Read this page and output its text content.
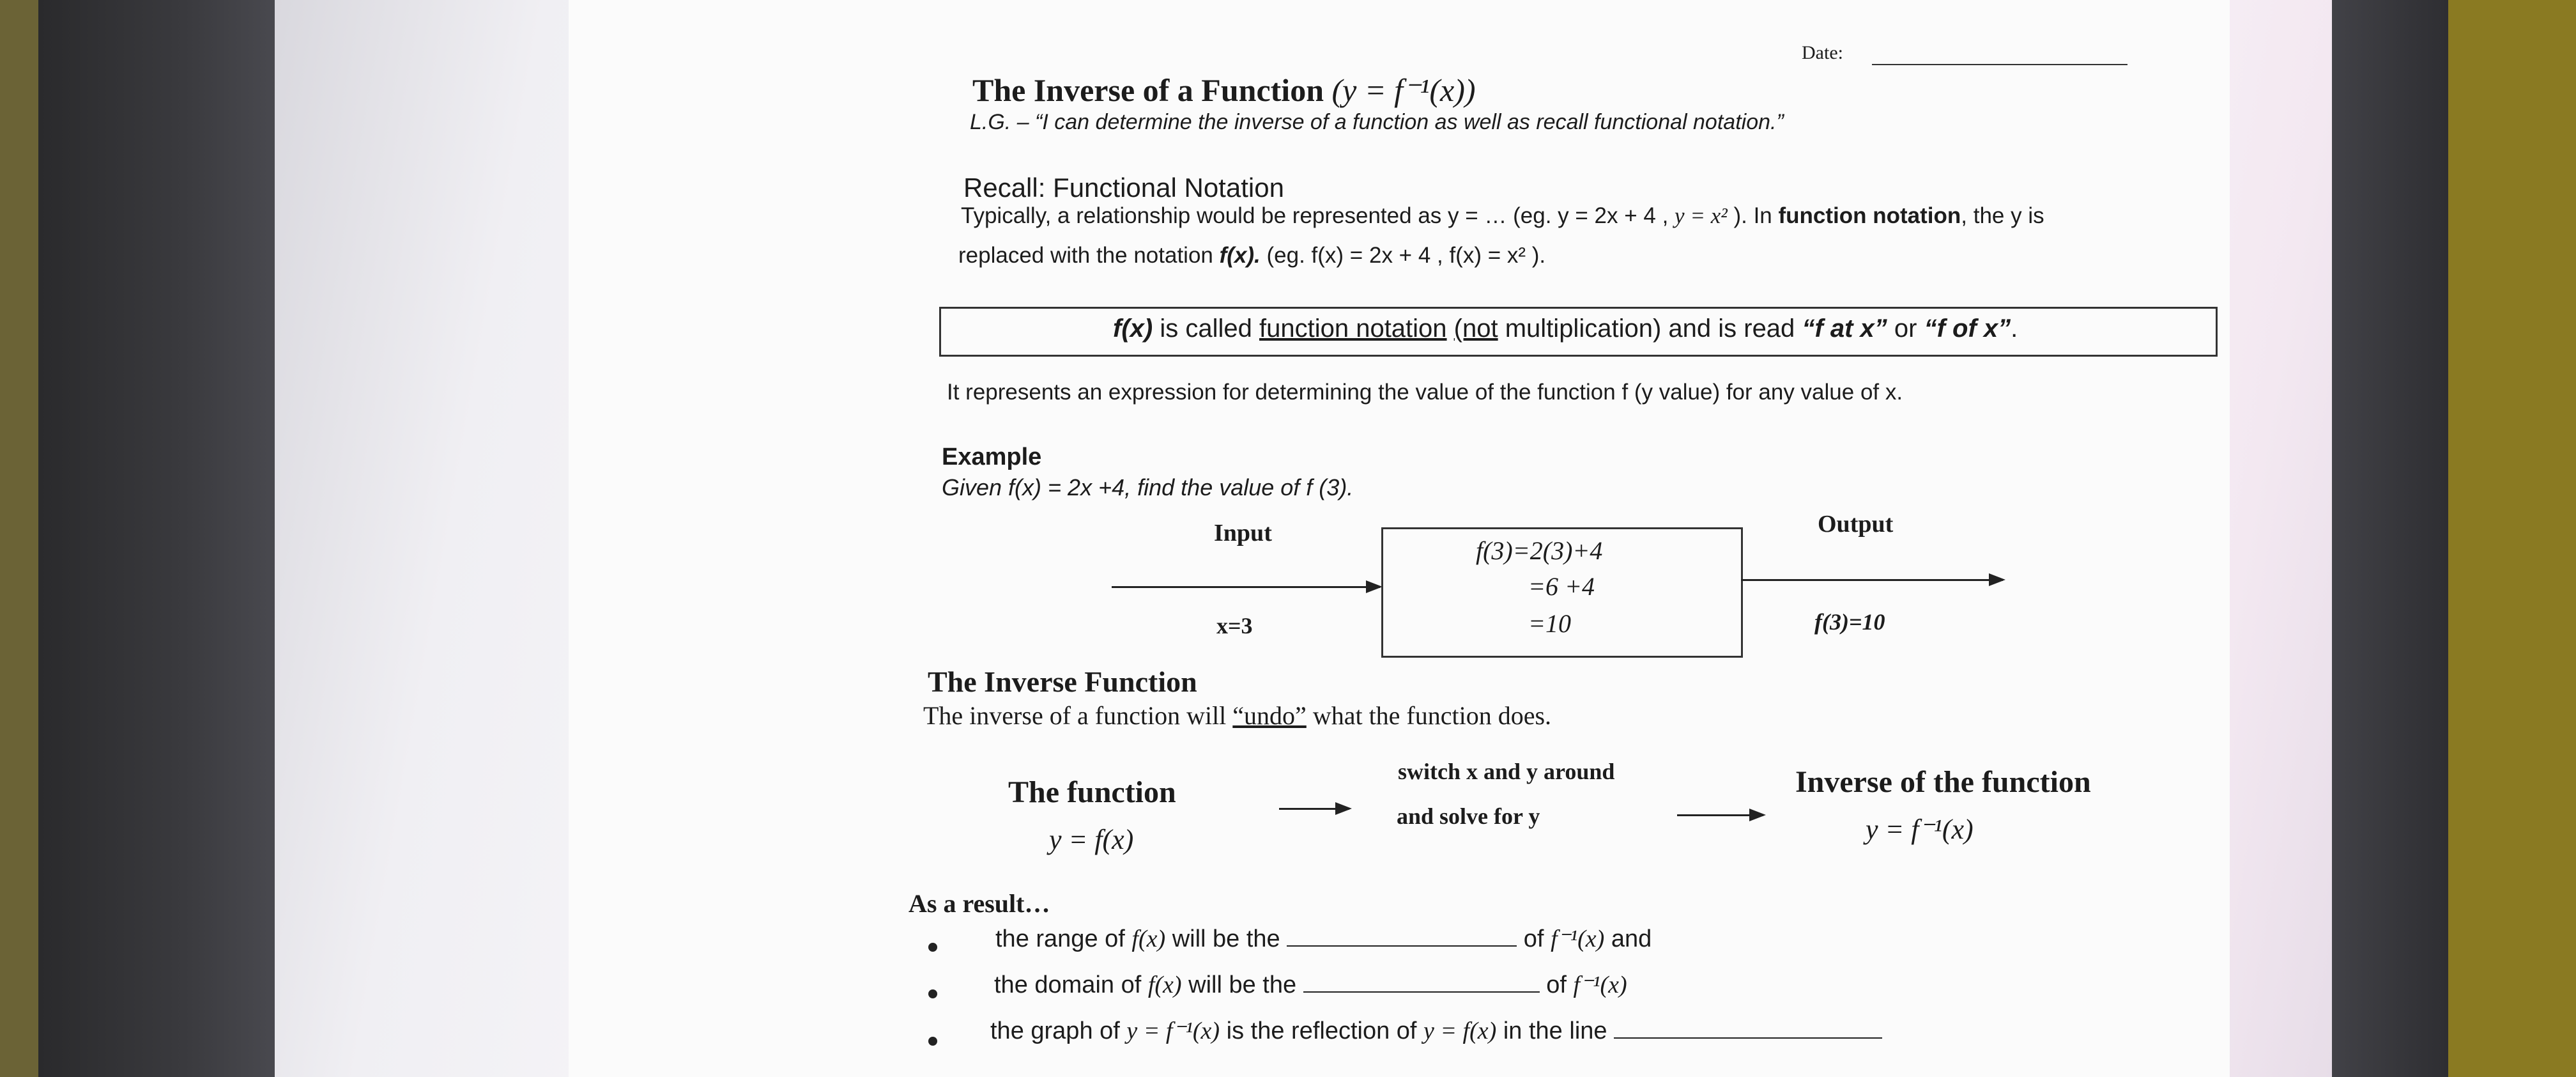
Date:
The Inverse of a Function (y = f⁻¹(x))
L.G. – “I can determine the inverse of a function as well as recall functional notation.”
Recall: Functional Notation
Typically, a relationship would be represented as y = … (eg. y = 2x + 4 , y = x² ). In function notation, the y is
replaced with the notation f(x). (eg. f(x) = 2x + 4 , f(x) = x² ).
f(x) is called function notation (not multiplication) and is read “f at x” or “f of x”.
It represents an expression for determining the value of the function f (y value) for any value of x.
Example
Given f(x) = 2x +4, find the value of f (3).
Input
x=3
f(3)=2(3)+4
=6 +4
=10
Output
f(3)=10
The Inverse Function
The inverse of a function will “undo” what the function does.
The function
y = f(x)
switch x and y around
and solve for y
Inverse of the function
y = f⁻¹(x)
As a result…
the range of f(x) will be the	of f⁻¹(x) and
the domain of f(x) will be the	of f⁻¹(x)
the graph of y = f⁻¹(x) is the reflection of y = f(x) in the line
